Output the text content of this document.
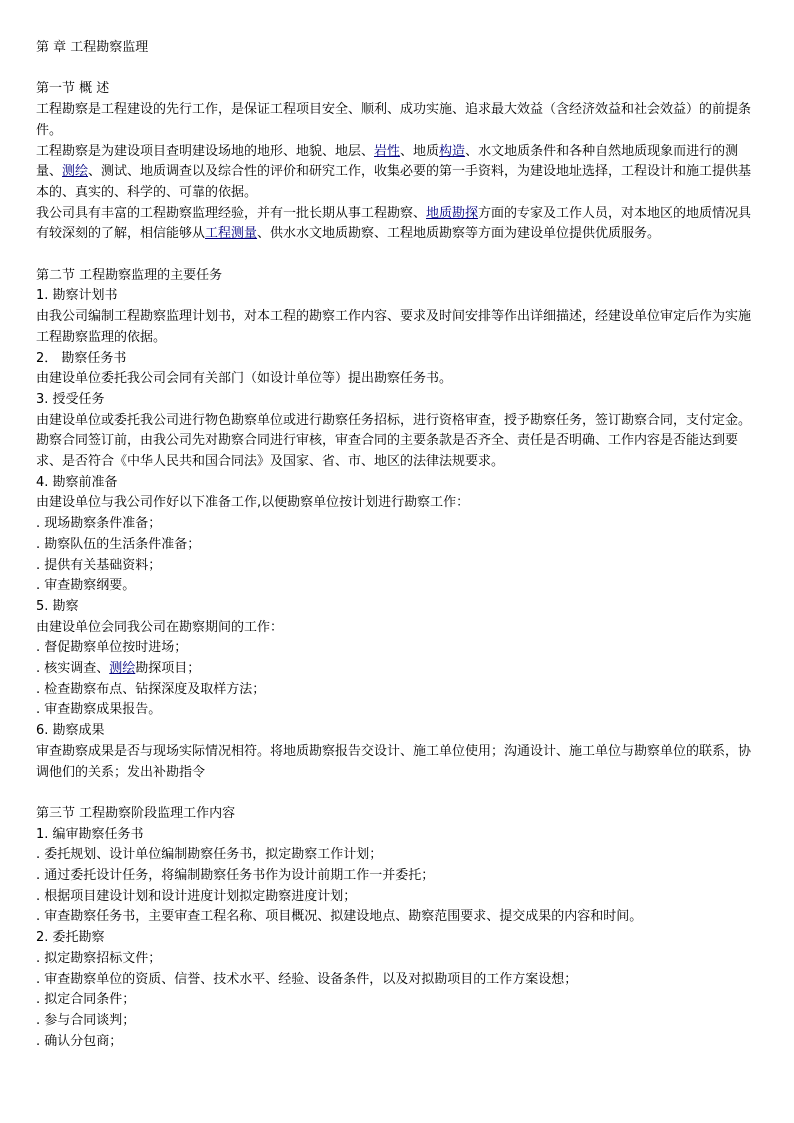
第 章 工程勘察监理

第一节 概 述

工程勘察是工程建设的先行工作，是保证工程项目安全、顺利、成功实施、追求最大效益（含经济效益和社会效益）的前提条件。

工程勘察是为建设项目查明建设场地的地形、地貌、地层、岩性、地质构造、水文地质条件和各种自然地质现象而进行的测量、测绘、测试、地质调查以及综合性的评价和研究工作，收集必要的第一手资料，为建设地址选择，工程设计和施工提供基本的、真实的、科学的、可靠的依据。

我公司具有丰富的工程勘察监理经验，并有一批长期从事工程勘察、地质勘探方面的专家及工作人员，对本地区的地质情况具有较深刻的了解，相信能够从工程测量、供水水文地质勘察、工程地质勘察等方面为建设单位提供优质服务。

第二节 工程勘察监理的主要任务

1. 勘察计划书

由我公司编制工程勘察监理计划书，对本工程的勘察工作内容、要求及时间安排等作出详细描述，经建设单位审定后作为实施工程勘察监理的依据。

2． 勘察任务书

由建设单位委托我公司会同有关部门（如设计单位等）提出勘察任务书。

3. 授受任务

由建设单位或委托我公司进行物色勘察单位或进行勘察任务招标，进行资格审查，授予勘察任务，签订勘察合同，支付定金。

勘察合同签订前，由我公司先对勘察合同进行审核，审查合同的主要条款是否齐全、责任是否明确、工作内容是否能达到要求、是否符合《中华人民共和国合同法》及国家、省、市、地区的法律法规要求。

4. 勘察前准备

由建设单位与我公司作好以下准备工作,以便勘察单位按计划进行勘察工作：

. 现场勘察条件准备；

. 勘察队伍的生活条件准备；

. 提供有关基础资料；

. 审查勘察纲要。

5. 勘察

由建设单位会同我公司在勘察期间的工作：

. 督促勘察单位按时进场；

. 核实调查、测绘勘探项目；

. 检查勘察布点、钻探深度及取样方法；

. 审查勘察成果报告。

6. 勘察成果

审查勘察成果是否与现场实际情况相符。将地质勘察报告交设计、施工单位使用；沟通设计、施工单位与勘察单位的联系，协调他们的关系；发出补勘指令

第三节 工程勘察阶段监理工作内容

1. 编审勘察任务书

. 委托规划、设计单位编制勘察任务书，拟定勘察工作计划；

. 通过委托设计任务，将编制勘察任务书作为设计前期工作一并委托；

. 根据项目建设计划和设计进度计划拟定勘察进度计划；

. 审查勘察任务书，主要审查工程名称、项目概况、拟建设地点、勘察范围要求、提交成果的内容和时间。

2. 委托勘察

. 拟定勘察招标文件；

. 审查勘察单位的资质、信誉、技术水平、经验、设备条件，以及对拟勘项目的工作方案设想；

. 拟定合同条件；

. 参与合同谈判；

. 确认分包商；
